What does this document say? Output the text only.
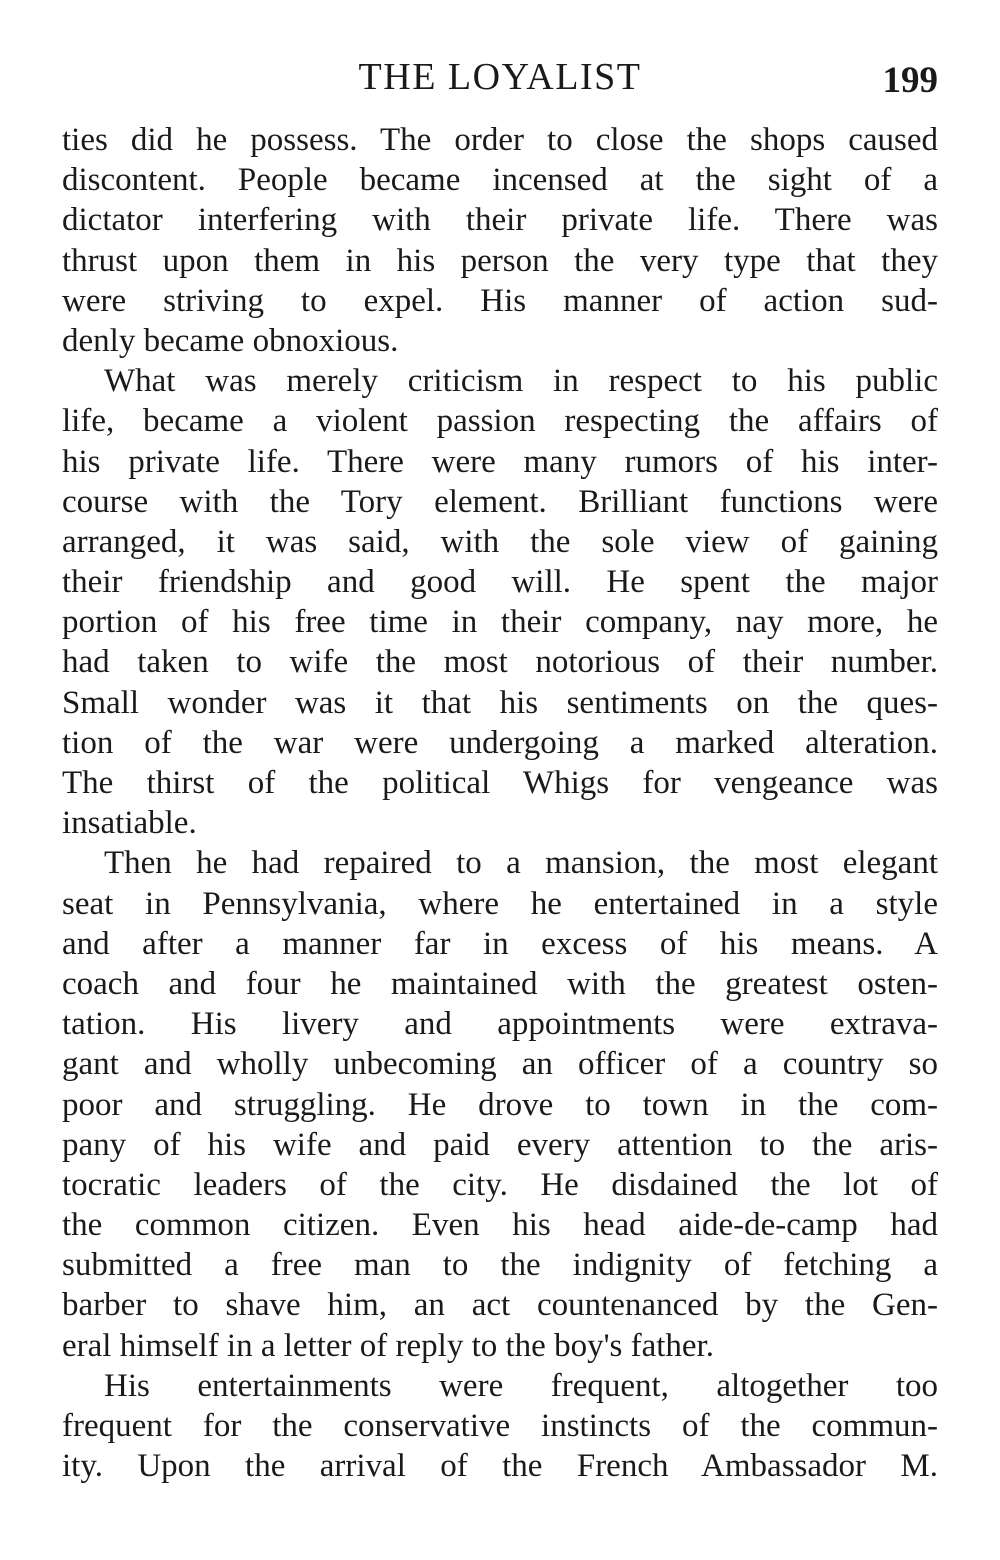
THE LOYALIST	199
ties did he possess. The order to close the shops caused
discontent. People became incensed at the sight of a
dictator interfering with their private life. There was
thrust upon them in his person the very type that they
were striving to expel. His manner of action sud-
denly became obnoxious.
What was merely criticism in respect to his public
life, became a violent passion respecting the affairs of
his private life. There were many rumors of his inter-
course with the Tory element. Brilliant functions were
arranged, it was said, with the sole view of gaining
their friendship and good will. He spent the major
portion of his free time in their company, nay more, he
had taken to wife the most notorious of their number.
Small wonder was it that his sentiments on the ques-
tion of the war were undergoing a marked alteration.
The thirst of the political Whigs for vengeance was
insatiable.
Then he had repaired to a mansion, the most elegant
seat in Pennsylvania, where he entertained in a style
and after a manner far in excess of his means. A
coach and four he maintained with the greatest osten-
tation. His livery and appointments were extrava-
gant and wholly unbecoming an officer of a country so
poor and struggling. He drove to town in the com-
pany of his wife and paid every attention to the aris-
tocratic leaders of the city. He disdained the lot of
the common citizen. Even his head aide-de-camp had
submitted a free man to the indignity of fetching a
barber to shave him, an act countenanced by the Gen-
eral himself in a letter of reply to the boy's father.
His entertainments were frequent, altogether too
frequent for the conservative instincts of the commun-
ity. Upon the arrival of the French Ambassador M.
